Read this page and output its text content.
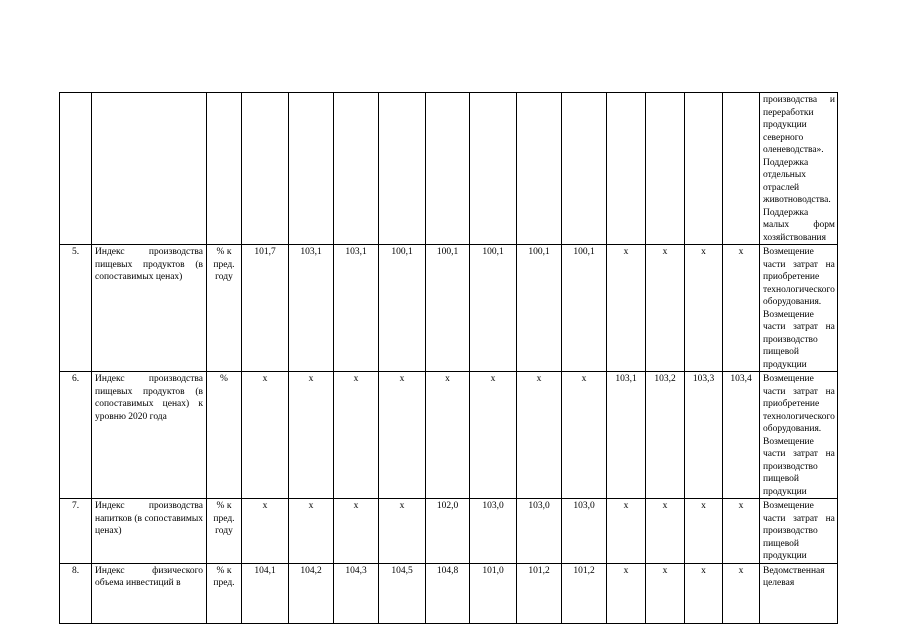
															производства и переработки продукции северного оленеводства». Поддержка отдельных отраслей животноводства. Поддержка малых форм хозяйствования
5.	Индекс производства пищевых продуктов (в сопоставимых ценах)	% к пред. году	101,7	103,1	103,1	100,1	100,1	100,1	100,1	100,1	х	х	х	х	Возмещение части затрат на приобретение технологического оборудования. Возмещение части затрат на производство пищевой продукции
6.	Индекс производства пищевых продуктов (в сопоставимых ценах) к уровню 2020 года	%	х	х	х	х	х	х	х	х	103,1	103,2	103,3	103,4	Возмещение части затрат на приобретение технологического оборудования. Возмещение части затрат на производство пищевой продукции
7.	Индекс производства напитков (в сопоставимых ценах)	% к пред. году	х	х	х	х	102,0	103,0	103,0	103,0	х	х	х	х	Возмещение части затрат на производство пищевой продукции
8.	Индекс физического объема инвестиций в	% к пред.	104,1	104,2	104,3	104,5	104,8	101,0	101,2	101,2	х	х	х	х	Ведомственная целевая
